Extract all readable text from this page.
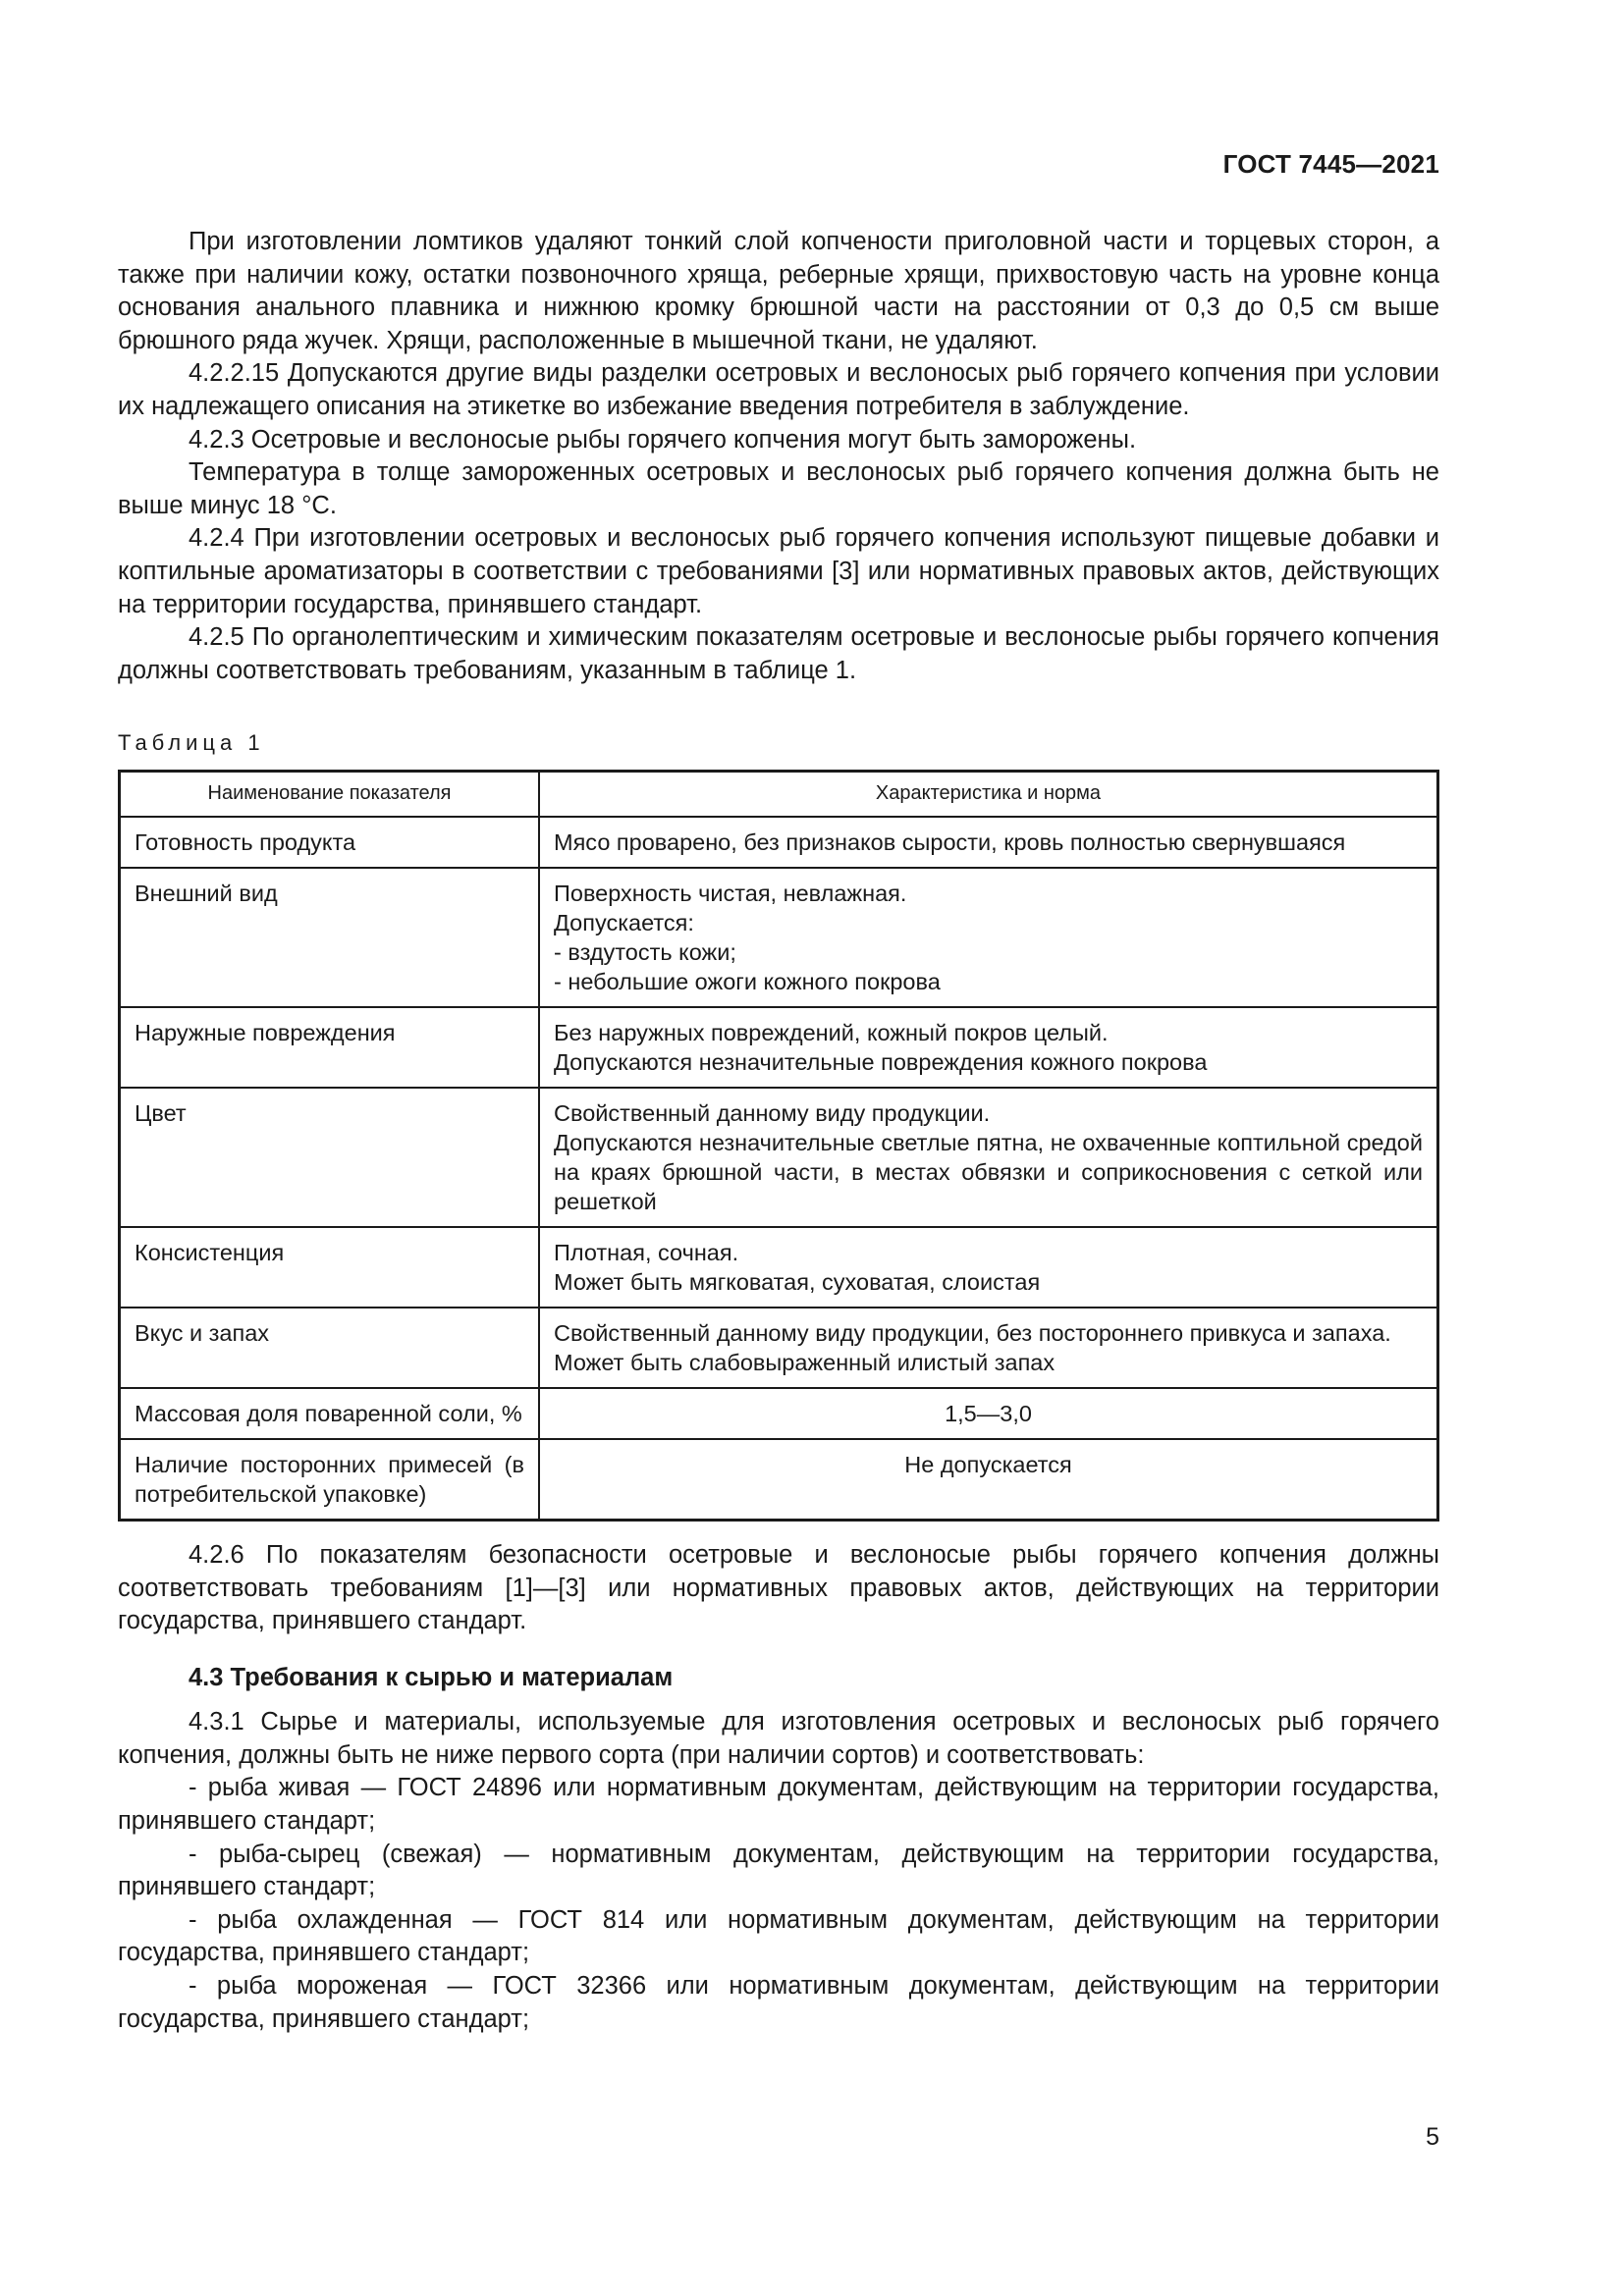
ГОСТ 7445—2021

При изготовлении ломтиков удаляют тонкий слой копчености приголовной части и торцевых сторон, а также при наличии кожу, остатки позвоночного хряща, реберные хрящи, прихвостовую часть на уровне конца основания анального плавника и нижнюю кромку брюшной части на расстоянии от 0,3 до 0,5 см выше брюшного ряда жучек. Хрящи, расположенные в мышечной ткани, не удаляют.

4.2.2.15 Допускаются другие виды разделки осетровых и веслоносых рыб горячего копчения при условии их надлежащего описания на этикетке во избежание введения потребителя в заблуждение.

4.2.3 Осетровые и веслоносые рыбы горячего копчения могут быть заморожены.

Температура в толще замороженных осетровых и веслоносых рыб горячего копчения должна быть не выше минус 18 °С.

4.2.4 При изготовлении осетровых и веслоносых рыб горячего копчения используют пищевые добавки и коптильные ароматизаторы в соответствии с требованиями [3] или нормативных правовых актов, действующих на территории государства, принявшего стандарт.

4.2.5 По органолептическим и химическим показателям осетровые и веслоносые рыбы горячего копчения должны соответствовать требованиям, указанным в таблице 1.

Таблица 1
Наименование показателя	Характеристика и норма
Готовность продукта	Мясо проварено, без признаков сырости, кровь полностью свернувшаяся

Внешний вид	Поверхность чистая, невлажная.
Допускается:
- вздутость кожи;
- небольшие ожоги кожного покрова

Наружные повреждения	Без наружных повреждений, кожный покров целый.
Допускаются незначительные повреждения кожного покрова

Цвет	Свойственный данному виду продукции.
Допускаются незначительные светлые пятна, не охваченные коптильной средой на краях брюшной части, в местах обвязки и соприкосновения с сеткой или решеткой

Консистенция	Плотная, сочная.
Может быть мягковатая, суховатая, слоистая

Вкус и запах	Свойственный данному виду продукции, без постороннего привкуса и запаха.
Может быть слабовыраженный илистый запах

Массовая доля поваренной соли, %	1,5—3,0

Наличие посторонних примесей (в потребительской упаковке)	Не допускается

4.2.6 По показателям безопасности осетровые и веслоносые рыбы горячего копчения должны соответствовать требованиям [1]—[3] или нормативных правовых актов, действующих на территории государства, принявшего стандарт.

4.3 Требования к сырью и материалам

4.3.1 Сырье и материалы, используемые для изготовления осетровых и веслоносых рыб горячего копчения, должны быть не ниже первого сорта (при наличии сортов) и соответствовать:

- рыба живая — ГОСТ 24896 или нормативным документам, действующим на территории государства, принявшего стандарт;

- рыба-сырец (свежая) — нормативным документам, действующим на территории государства, принявшего стандарт;

- рыба охлажденная — ГОСТ 814 или нормативным документам, действующим на территории государства, принявшего стандарт;

- рыба мороженая — ГОСТ 32366 или нормативным документам, действующим на территории государства, принявшего стандарт;

5
